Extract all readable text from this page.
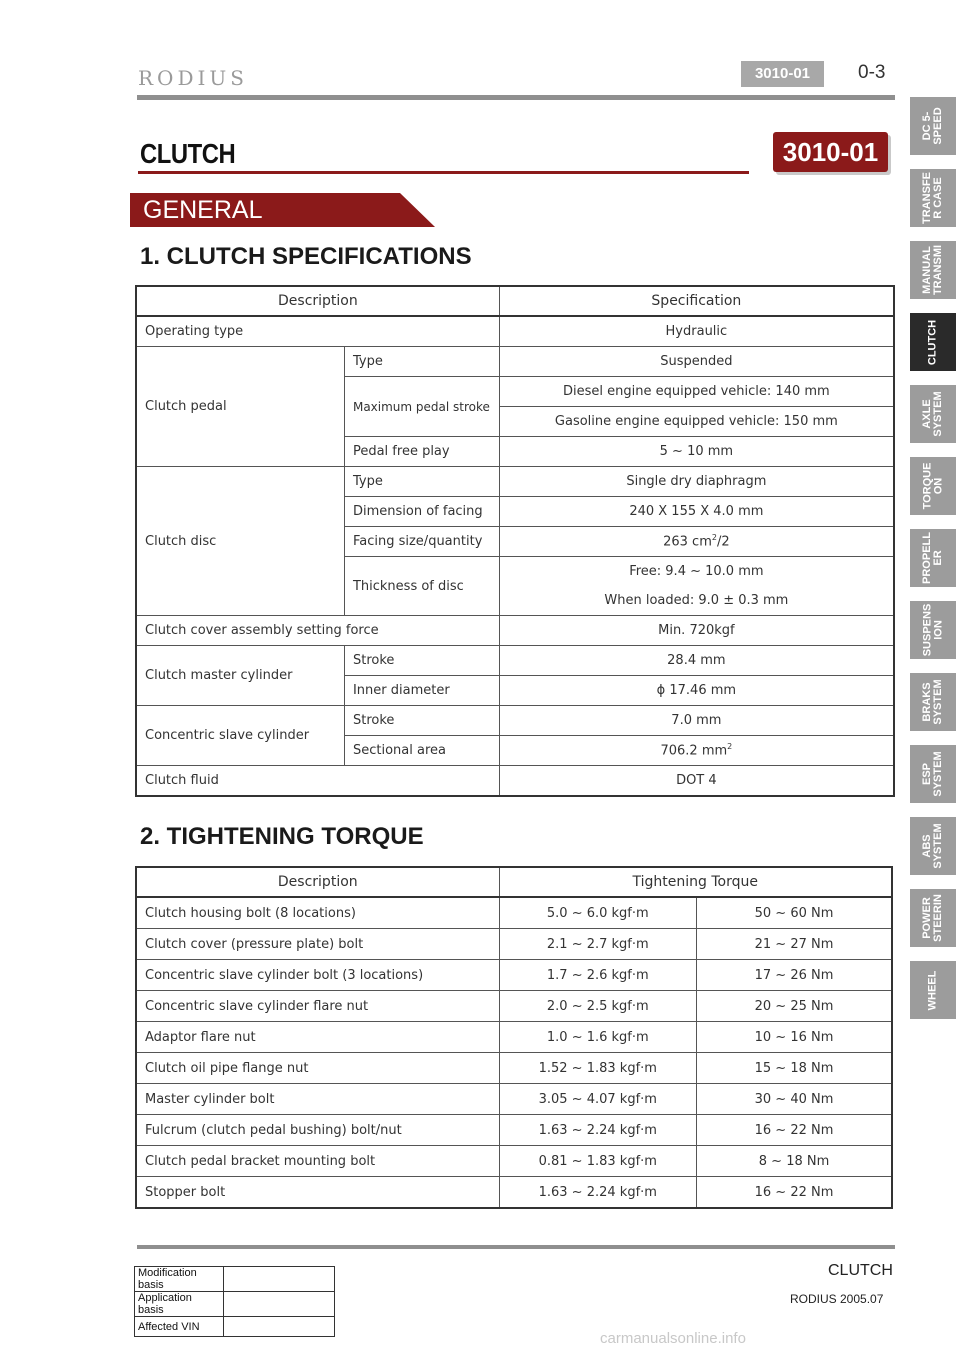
RODIUS	3010-01	0-3
CLUTCH	3010-01
GENERAL
1. CLUTCH SPECIFICATIONS
Description		Specification
Operating type		Hydraulic
Clutch pedal	Type	Suspended
	Maximum pedal stroke	Diesel engine equipped vehicle: 140 mm
		Gasoline engine equipped vehicle: 150 mm
	Pedal free play	5 ~ 10 mm
Clutch disc	Type	Single dry diaphragm
	Dimension of facing	240 X 155 X 4.0 mm
	Facing size/quantity	263 $cm^2/2$
	Thickness of disc	Free: 9.4 ~ 10.0 mm
		When loaded: 9.0 ± 0.3 mm
Clutch cover assembly setting force		Min. 720kgf
Clutch master cylinder	Stroke	28.4 mm
	Inner diameter	ϕ 17.46 mm
Concentric slave cylinder	Stroke	7.0 mm
	Sectional area	706.2 $mm^2$
Clutch fluid		DOT 4
2. TIGHTENING TORQUE
Description	Tightening Torque	
Clutch housing bolt (8 locations)	5.0 ~ 6.0 kgf·m	50 ~ 60 Nm
Clutch cover (pressure plate) bolt	2.1 ~ 2.7 kgf·m	21 ~ 27 Nm
Concentric slave cylinder bolt (3 locations)	1.7 ~ 2.6 kgf·m	17 ~ 26 Nm
Concentric slave cylinder flare nut	2.0 ~ 2.5 kgf·m	20 ~ 25 Nm
Adaptor flare nut	1.0 ~ 1.6 kgf·m	10 ~ 16 Nm
Clutch oil pipe flange nut	1.52 ~ 1.83 kgf·m	15 ~ 18 Nm
Master cylinder bolt	3.05 ~ 4.07 kgf·m	30 ~ 40 Nm
Fulcrum (clutch pedal bushing) bolt/nut	1.63 ~ 2.24 kgf·m	16 ~ 22 Nm
Clutch pedal bracket mounting bolt	0.81 ~ 1.83 kgf·m	8 ~ 18 Nm
Stopper bolt	1.63 ~ 2.24 kgf·m	16 ~ 22 Nm
DC 5-
SPEED
TRANSFE
R CASE
MANUAL
TRANSMI
CLUTCH
AXLE
SYSTEM
TORQUE
ON
PROPELL
ER
SUSPENS
ION
BRAKS
SYSTEM
ESP
SYSTEM
ABS
SYSTEM
POWER
STEERIN
WHEEL
Modification basis	
Application basis	
Affected VIN	
CLUTCH
RODIUS 2005.07
carmanualsonline.info
